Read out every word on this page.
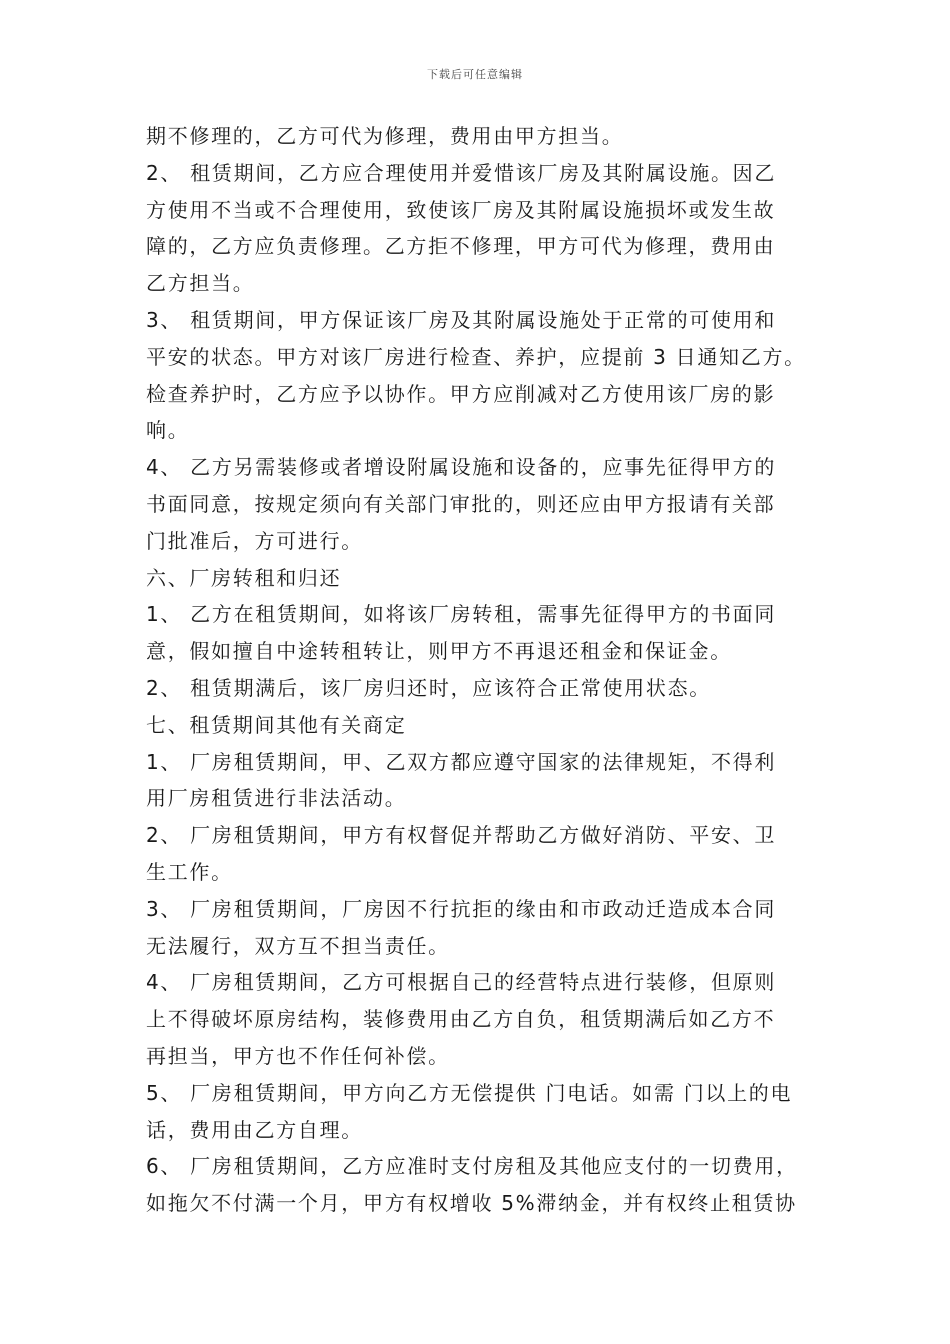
下载后可任意编辑
期不修理的，乙方可代为修理，费用由甲方担当。
2、 租赁期间，乙方应合理使用并爱惜该厂房及其附属设施。因乙
方使用不当或不合理使用，致使该厂房及其附属设施损坏或发生故
障的，乙方应负责修理。乙方拒不修理，甲方可代为修理，费用由
乙方担当。
3、 租赁期间，甲方保证该厂房及其附属设施处于正常的可使用和
平安的状态。甲方对该厂房进行检查、养护，应提前 3 日通知乙方。
检查养护时，乙方应予以协作。甲方应削减对乙方使用该厂房的影
响。
4、 乙方另需装修或者增设附属设施和设备的，应事先征得甲方的
书面同意，按规定须向有关部门审批的，则还应由甲方报请有关部
门批准后，方可进行。
六、厂房转租和归还
1、 乙方在租赁期间，如将该厂房转租，需事先征得甲方的书面同
意，假如擅自中途转租转让，则甲方不再退还租金和保证金。
2、 租赁期满后，该厂房归还时，应该符合正常使用状态。
七、租赁期间其他有关商定
1、 厂房租赁期间，甲、乙双方都应遵守国家的法律规矩，不得利
用厂房租赁进行非法活动。
2、 厂房租赁期间，甲方有权督促并帮助乙方做好消防、平安、卫
生工作。
3、 厂房租赁期间，厂房因不行抗拒的缘由和市政动迁造成本合同
无法履行，双方互不担当责任。
4、 厂房租赁期间，乙方可根据自己的经营特点进行装修，但原则
上不得破坏原房结构，装修费用由乙方自负，租赁期满后如乙方不
再担当，甲方也不作任何补偿。
5、 厂房租赁期间，甲方向乙方无偿提供 门电话。如需 门以上的电
话，费用由乙方自理。
6、 厂房租赁期间，乙方应准时支付房租及其他应支付的一切费用，
如拖欠不付满一个月，甲方有权增收 5%滞纳金，并有权终止租赁协
